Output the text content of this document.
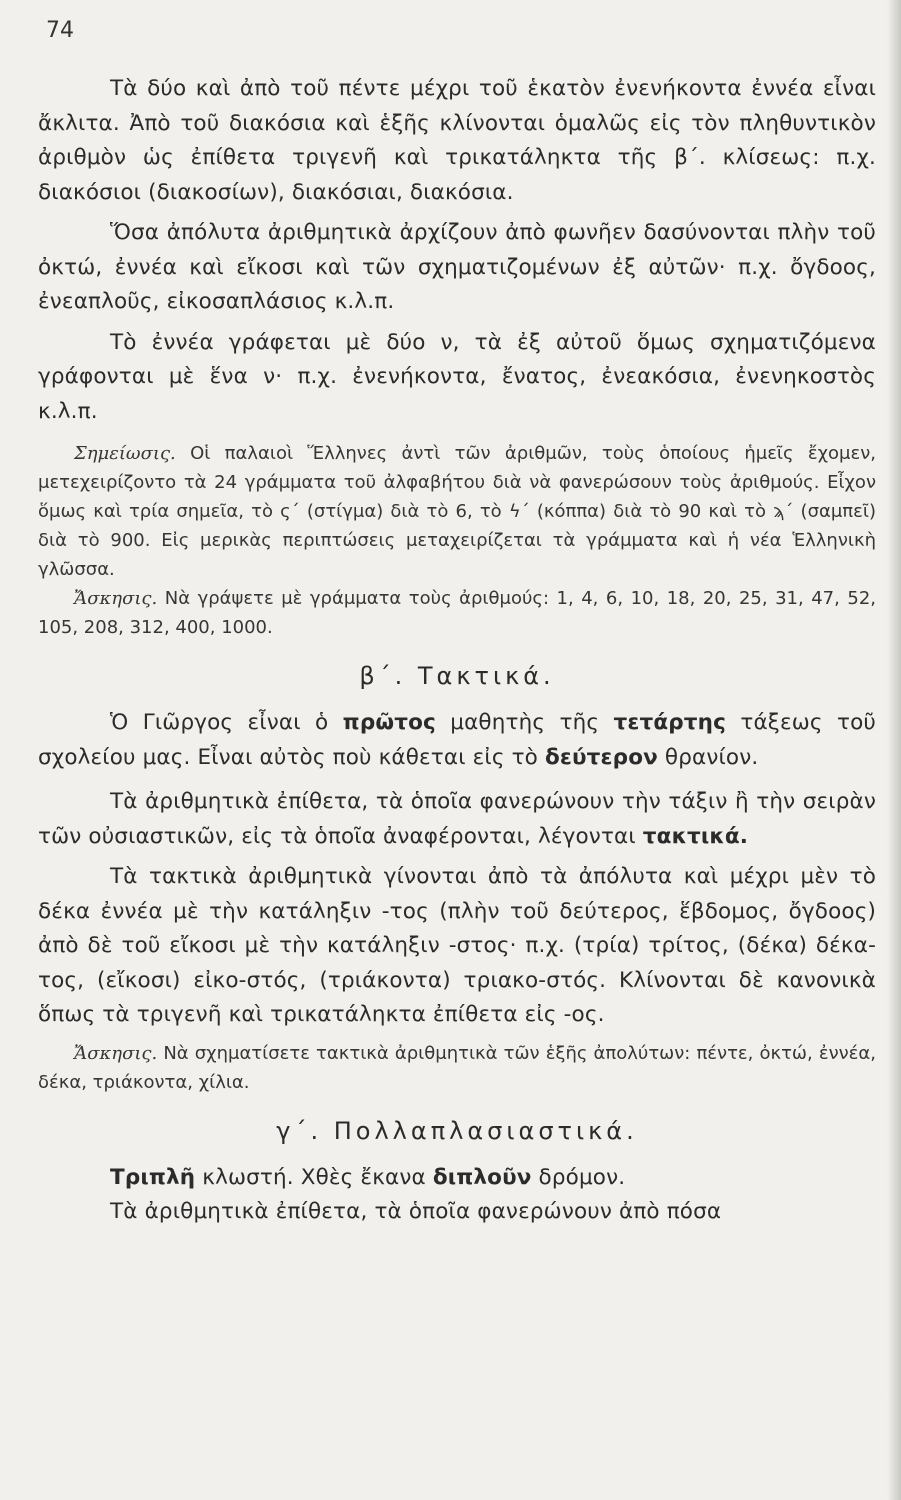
74

Τὰ δύο καὶ ἀπὸ τοῦ πέντε μέχρι τοῦ ἑκατὸν ἐνενήκοντα ἐννέα εἶναι ἄκλιτα. Ἀπὸ τοῦ διακόσια καὶ ἑξῆς κλίνονται ὁμαλῶς εἰς τὸν πληθυντικὸν ἀριθμὸν ὡς ἐπίθετα τριγενῆ καὶ τρικατάληκτα τῆς β΄. κλίσεως: π.χ. διακόσιοι (διακοσίων), διακόσιαι, διακόσια.

Ὅσα ἀπόλυτα ἀριθμητικὰ ἀρχίζουν ἀπὸ φωνῆεν δασύνονται πλὴν τοῦ ὀκτώ, ἐννέα καὶ εἴκοσι καὶ τῶν σχηματιζομένων ἐξ αὐτῶν· π.χ. ὄγδοος, ἐνεαπλοῦς, εἰκοσαπλάσιος κ.λ.π.

Τὸ ἐννέα γράφεται μὲ δύο ν, τὰ ἐξ αὐτοῦ ὅμως σχηματιζόμενα γράφονται μὲ ἕνα ν· π.χ. ἐνενήκοντα, ἔνατος, ἐνεακόσια, ἐνενηκοστὸς κ.λ.π.

Σημείωσις. Οἱ παλαιοὶ Ἕλληνες ἀντὶ τῶν ἀριθμῶν, τοὺς ὁποίους ἡμεῖς ἔχομεν, μετεχειρίζοντο τὰ 24 γράμματα τοῦ ἀλφαβήτου διὰ νὰ φανερώσουν τοὺς ἀριθμούς. Εἶχον ὅμως καὶ τρία σημεῖα, τὸ ς΄ (στίγμα) διὰ τὸ 6, τὸ ϟ΄ (κόππα) διὰ τὸ 90 καὶ τὸ ϡ΄ (σαμπεῖ) διὰ τὸ 900. Εἰς μερικὰς περιπτώσεις μεταχειρίζεται τὰ γράμματα καὶ ἡ νέα Ἑλληνικὴ γλῶσσα.

Ἄσκησις. Νὰ γράψετε μὲ γράμματα τοὺς ἀριθμούς: 1, 4, 6, 10, 18, 20, 25, 31, 47, 52, 105, 208, 312, 400, 1000.

β΄. Τακτικά.

Ὁ Γιῶργος εἶναι ὁ πρῶτος μαθητὴς τῆς τετάρτης τάξεως τοῦ σχολείου μας. Εἶναι αὐτὸς ποὺ κάθεται εἰς τὸ δεύτερον θρανίον.

Τὰ ἀριθμητικὰ ἐπίθετα, τὰ ὁποῖα φανερώνουν τὴν τάξιν ἢ τὴν σειρὰν τῶν οὐσιαστικῶν, εἰς τὰ ὁποῖα ἀναφέρονται, λέγονται τακτικά.

Τὰ τακτικὰ ἀριθμητικὰ γίνονται ἀπὸ τὰ ἀπόλυτα καὶ μέχρι μὲν τὸ δέκα ἐννέα μὲ τὴν κατάληξιν -τος (πλὴν τοῦ δεύτερος, ἕβδομος, ὄγδοος) ἀπὸ δὲ τοῦ εἴκοσι μὲ τὴν κατάληξιν -στος· π.χ. (τρία) τρίτος, (δέκα) δέκα-τος, (εἴκοσι) εἰκο-στός, (τριάκοντα) τριακο-στός. Κλίνονται δὲ κανονικὰ ὅπως τὰ τριγενῆ καὶ τρικατάληκτα ἐπίθετα εἰς -ος.

Ἄσκησις. Νὰ σχηματίσετε τακτικὰ ἀριθμητικὰ τῶν ἑξῆς ἀπολύτων: πέντε, ὀκτώ, ἐννέα, δέκα, τριάκοντα, χίλια.

γ΄. Πολλαπλασιαστικά.

Τριπλῆ κλωστή. Χθὲς ἔκανα διπλοῦν δρόμον.

Τὰ ἀριθμητικὰ ἐπίθετα, τὰ ὁποῖα φανερώνουν ἀπὸ πόσα
